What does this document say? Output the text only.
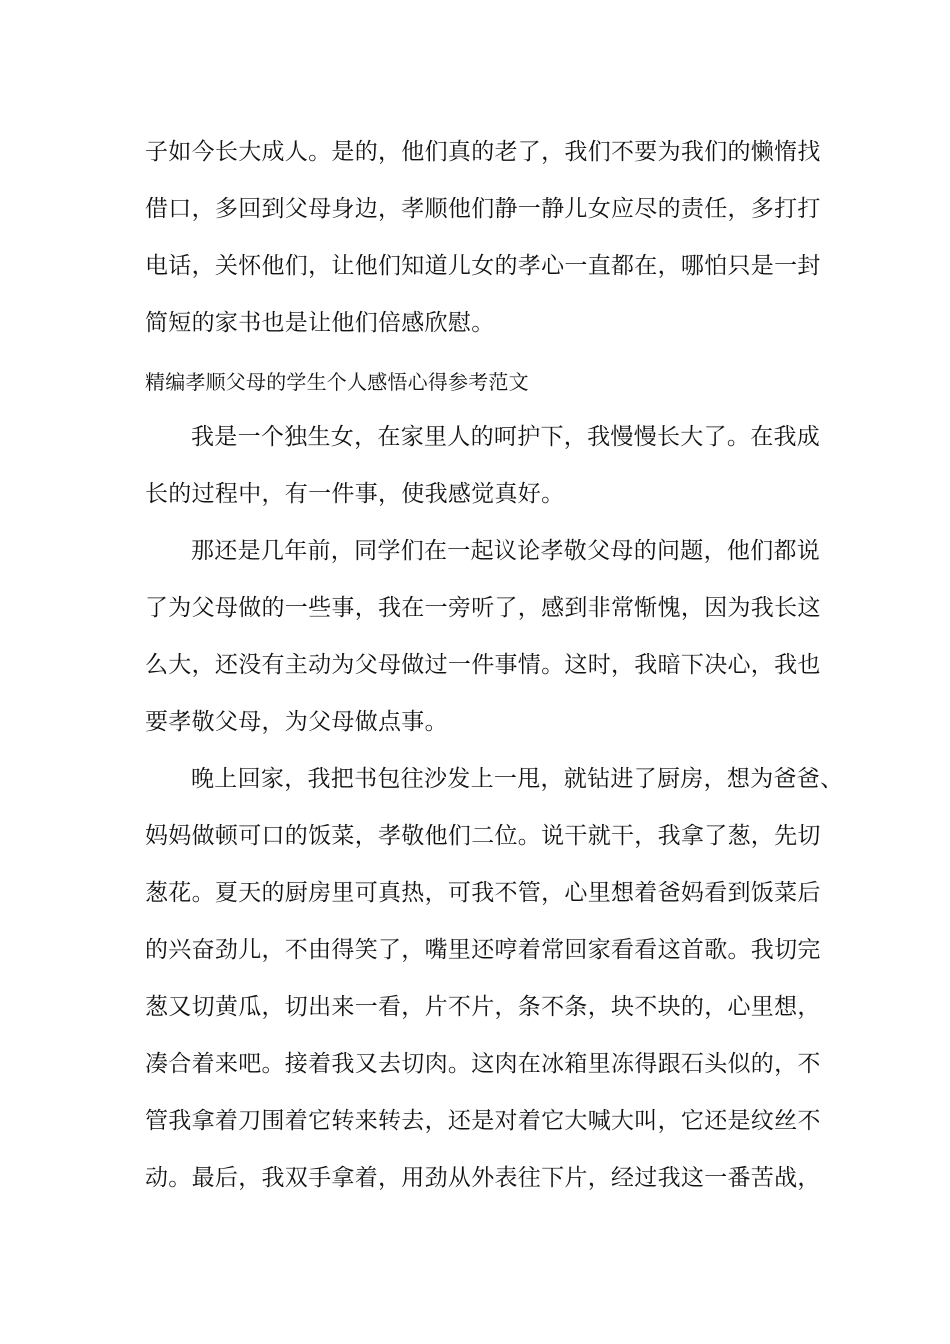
子如今长大成人。是的，他们真的老了，我们不要为我们的懒惰找
借口，多回到父母身边，孝顺他们静一静儿女应尽的责任，多打打
电话，关怀他们，让他们知道儿女的孝心一直都在，哪怕只是一封
简短的家书也是让他们倍感欣慰。
精编孝顺父母的学生个人感悟心得参考范文
我是一个独生女，在家里人的呵护下，我慢慢长大了。在我成
长的过程中，有一件事，使我感觉真好。
那还是几年前，同学们在一起议论孝敬父母的问题，他们都说
了为父母做的一些事，我在一旁听了，感到非常惭愧，因为我长这
么大，还没有主动为父母做过一件事情。这时，我暗下决心，我也
要孝敬父母，为父母做点事。
晚上回家，我把书包往沙发上一甩，就钻进了厨房，想为爸爸、
妈妈做顿可口的饭菜，孝敬他们二位。说干就干，我拿了葱，先切
葱花。夏天的厨房里可真热，可我不管，心里想着爸妈看到饭菜后
的兴奋劲儿，不由得笑了，嘴里还哼着常回家看看这首歌。我切完
葱又切黄瓜，切出来一看，片不片，条不条，块不块的，心里想，
凑合着来吧。接着我又去切肉。这肉在冰箱里冻得跟石头似的，不
管我拿着刀围着它转来转去，还是对着它大喊大叫，它还是纹丝不
动。最后，我双手拿着，用劲从外表往下片，经过我这一番苦战，
